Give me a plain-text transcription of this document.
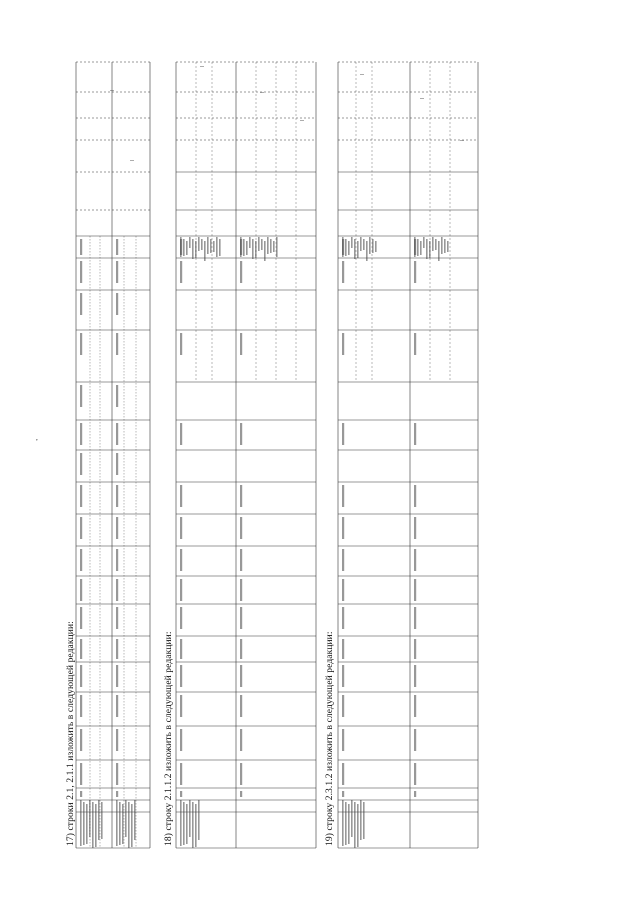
,
17) строки 2.1, 2.1.1 изложить в следующей редакции:	18) строку 2.1.1.2 изложить в следующей редакции:	19) строку 2.3.1.2 изложить в следующей редакции:
